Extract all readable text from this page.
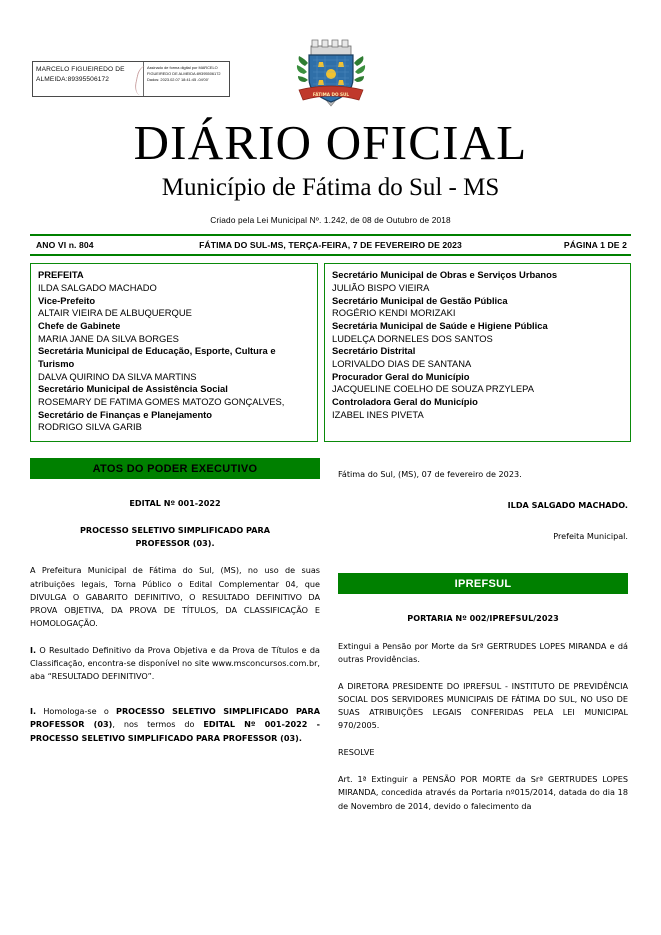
MARCELO FIGUEIREDO DE
ALMEIDA:89395506172
Assinado de forma digital por MARCELO
FIGUEIREDO DE ALMEIDA:89395506172
Dados: 2023.02.07 18:41:45 -04'00'
FÁTIMA DO SUL
DIÁRIO OFICIAL
Município de Fátima do Sul - MS
Criado pela Lei Municipal Nº. 1.242, de 08 de Outubro de 2018
ANO VI n. 804	FÁTIMA DO SUL-MS, TERÇA-FEIRA, 7 DE FEVEREIRO DE 2023	PÁGINA 1 DE 2
PREFEITA
ILDA SALGADO MACHADO
Vice-Prefeito
ALTAIR VIEIRA DE ALBUQUERQUE
Chefe de Gabinete
MARIA JANE DA SILVA BORGES
Secretária Municipal de Educação, Esporte, Cultura e Turismo
DALVA QUIRINO DA SILVA MARTINS
Secretário Municipal de Assistência Social
ROSEMARY DE FATIMA GOMES MATOZO GONÇALVES,
Secretário de Finanças e Planejamento
RODRIGO SILVA GARIB
Secretário Municipal de Obras e Serviços Urbanos
JULIÃO BISPO VIEIRA
Secretário Municipal de Gestão Pública
ROGÉRIO KENDI MORIZAKI
Secretária Municipal de Saúde e Higiene Pública
LUDELÇA DORNELES DOS SANTOS
Secretário Distrital
LORIVALDO DIAS DE SANTANA
Procurador Geral do Município
JACQUELINE COELHO DE SOUZA PRZYLEPA
Controladora Geral do Município
IZABEL INES PIVETA
ATOS DO PODER EXECUTIVO
EDITAL Nº 001-2022
PROCESSO SELETIVO SIMPLIFICADO PARA
PROFESSOR (03).
A Prefeitura Municipal de Fátima do Sul, (MS), no uso de suas atribuições legais, Torna Público o Edital Complementar 04, que DIVULGA O GABARITO DEFINITIVO, O RESULTADO DEFINITIVO DA PROVA OBJETIVA, DA PROVA DE TÍTULOS, DA CLASSIFICAÇÃO E HOMOLOGAÇÃO.
I. O Resultado Definitivo da Prova Objetiva e da Prova de Títulos e da Classificação, encontra-se disponível no site www.msconcursos.com.br, aba “RESULTADO DEFINITIVO”.
I. Homologa-se o PROCESSO SELETIVO SIMPLIFICADO PARA PROFESSOR (03), nos termos do EDITAL Nº 001-2022 - PROCESSO SELETIVO SIMPLIFICADO PARA PROFESSOR (03).
Fátima do Sul, (MS), 07 de fevereiro de 2023.
ILDA SALGADO MACHADO.
Prefeita Municipal.
IPREFSUL
PORTARIA Nº 002/IPREFSUL/2023
Extingui a Pensão por Morte da Srª GERTRUDES LOPES MIRANDA e dá outras Providências.
A DIRETORA PRESIDENTE DO IPREFSUL - INSTITUTO DE PREVIDÊNCIA SOCIAL DOS SERVIDORES MUNICIPAIS DE FÁTIMA DO SUL, NO USO DE SUAS ATRIBUIÇÕES LEGAIS CONFERIDAS PELA LEI MUNICIPAL 970/2005.
RESOLVE
Art. 1ª Extinguir a PENSÃO POR MORTE da Srª GERTRUDES LOPES MIRANDA, concedida através da Portaria nº015/2014, datada do dia 18 de Novembro de 2014, devido o falecimento da
